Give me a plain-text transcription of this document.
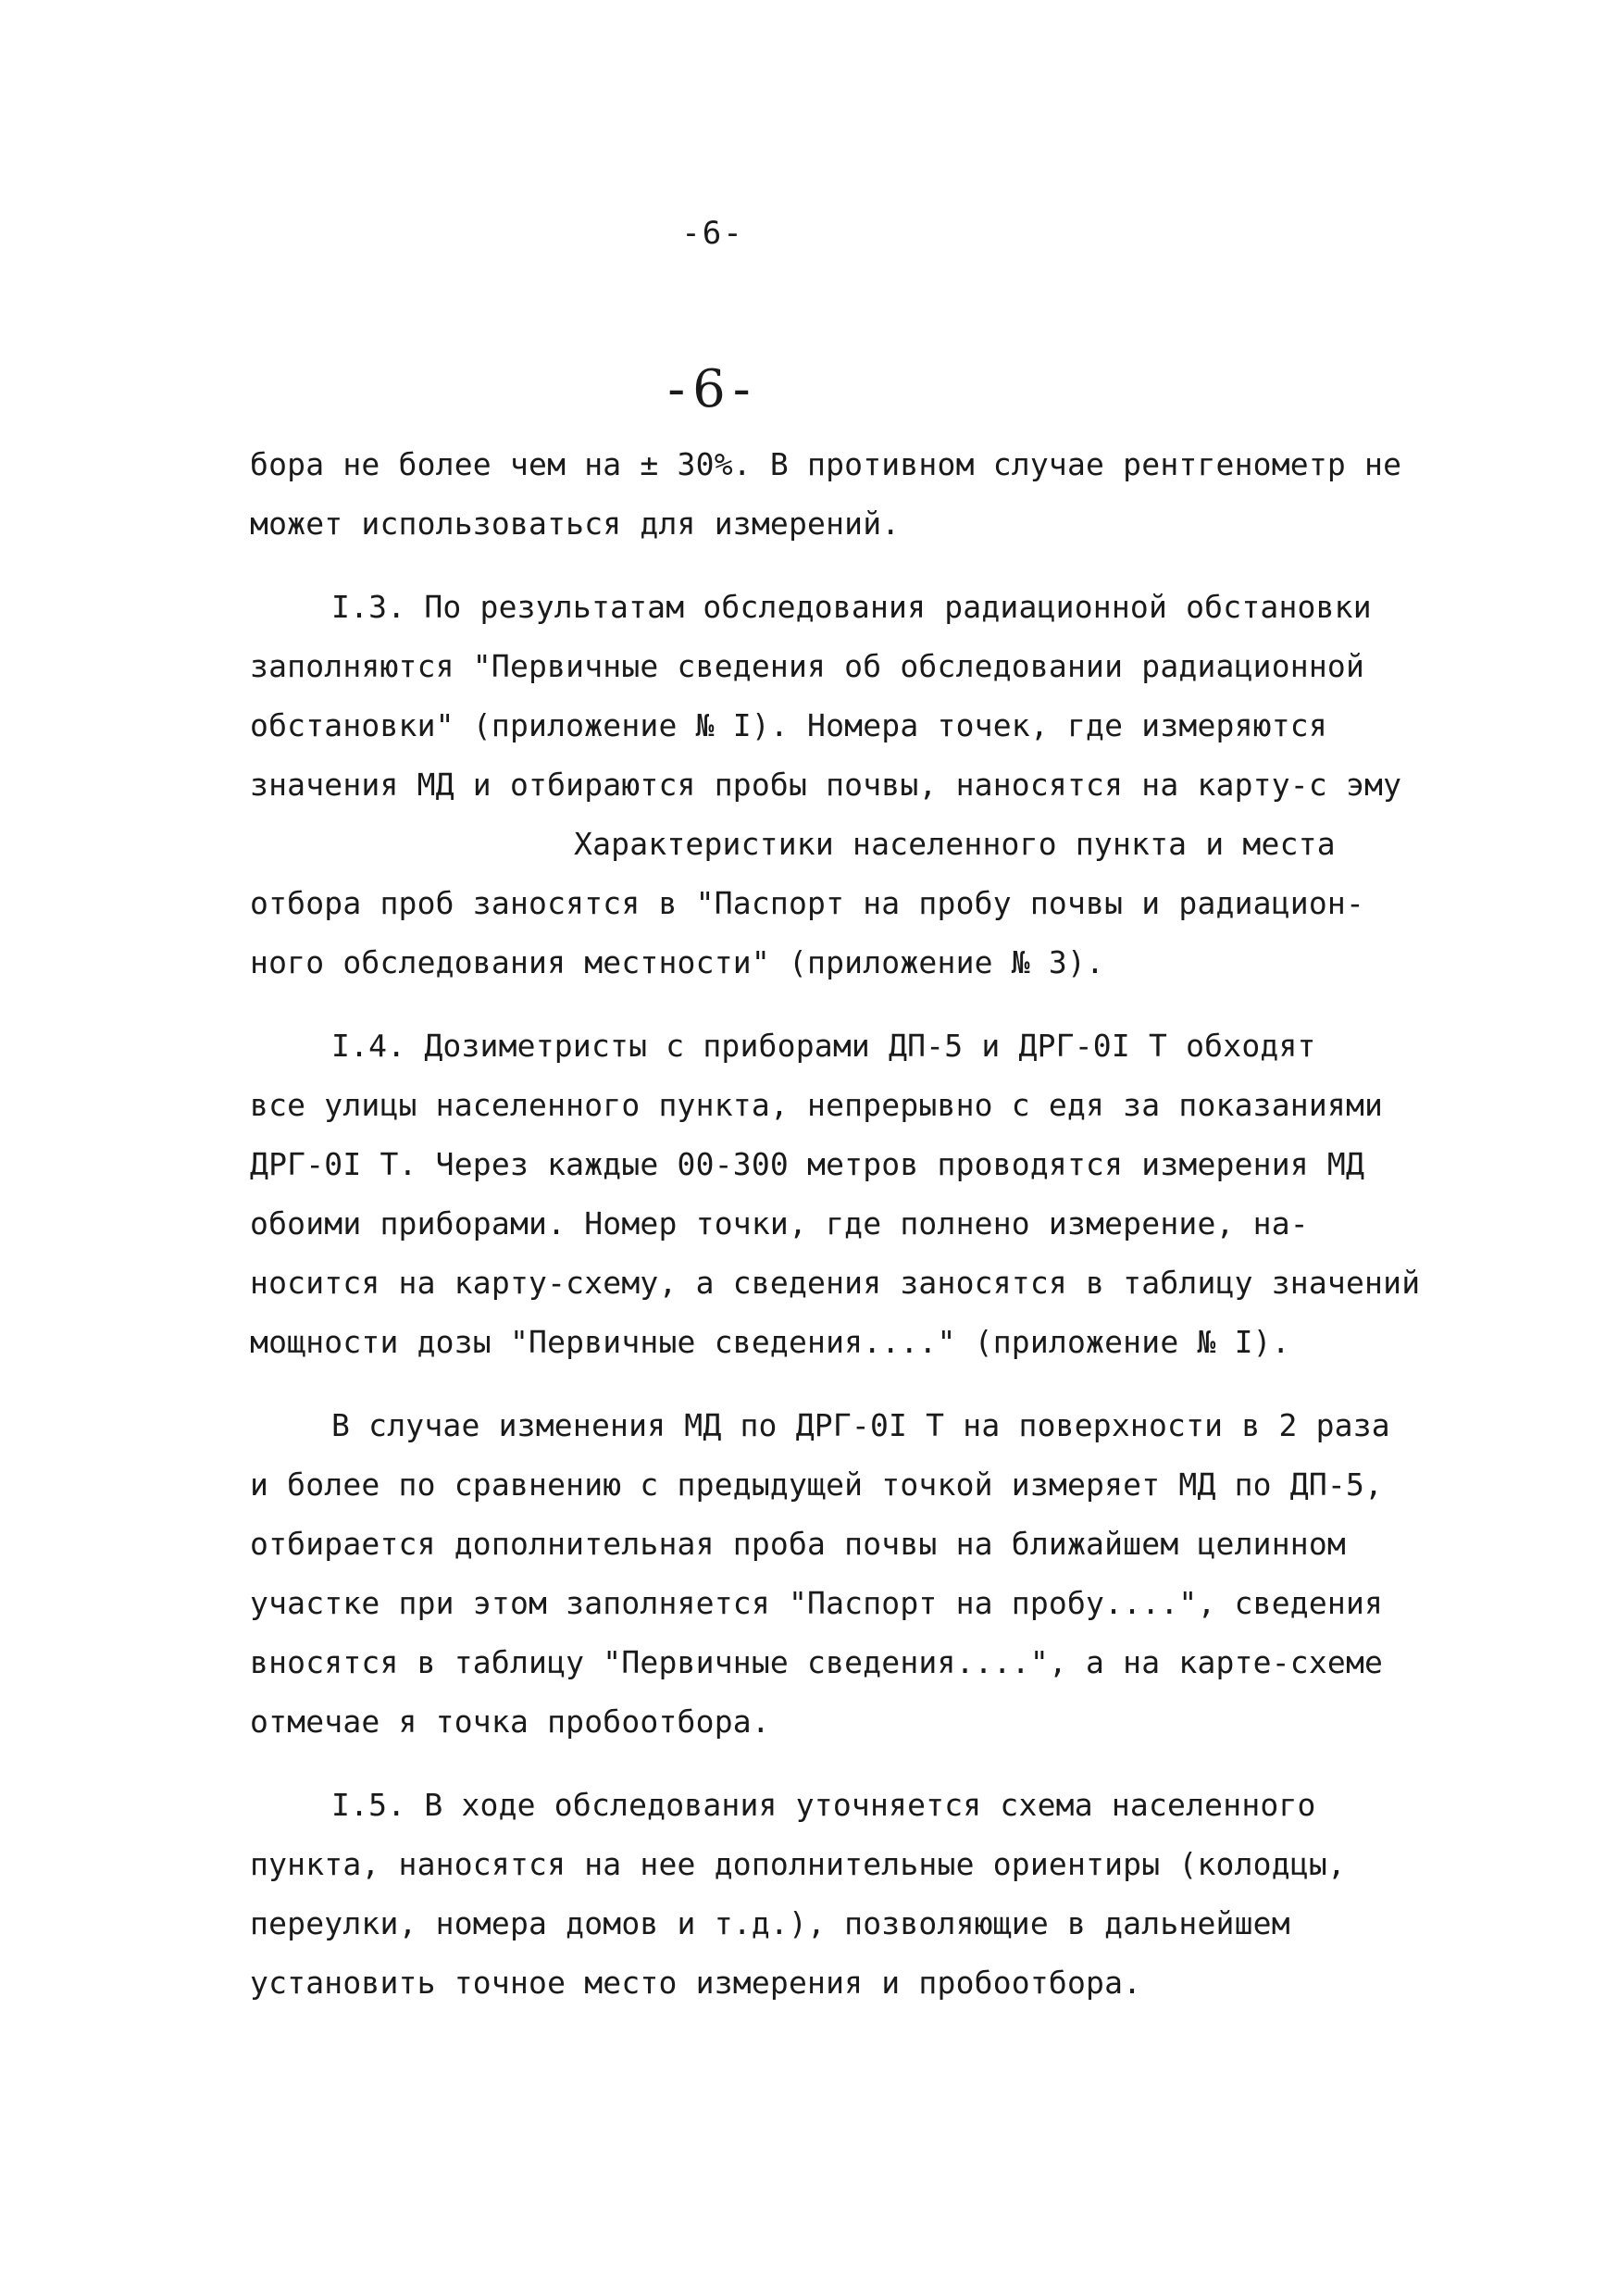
-6-
-6-
бора не более чем на ± 30%. В противном случае рентгенометр не
может использоваться для измерений.
I.3. По результатам обследования радиационной обстановки
заполняются "Первичные сведения об обследовании радиационной
обстановки" (приложение № I). Номера точек, где измеряются
значения МД и отбираются пробы почвы, наносятся на карту-с эму
Характеристики населенного пункта и места
отбора проб заносятся в "Паспорт на пробу почвы и радиацион-
ного обследования местности" (приложение № 3).
I.4. Дозиметристы с приборами ДП-5 и ДРГ-0I Т обходят
все улицы населенного пункта, непрерывно с едя за показаниями
ДРГ-0I Т. Через каждые 00-300 метров проводятся измерения МД
обоими приборами. Номер точки, где полнено измерение, на-
носится на карту-схему, а сведения заносятся в таблицу значений
мощности дозы "Первичные сведения...." (приложение № I).
В случае изменения МД по ДРГ-0I Т на поверхности в 2 раза
и более по сравнению с предыдущей точкой измеряет МД по ДП-5,
отбирается дополнительная проба почвы на ближайшем целинном
участке при этом заполняется "Паспорт на пробу....", сведения
вносятся в таблицу "Первичные сведения....", а на карте-схеме
отмечае я точка пробоотбора.
I.5. В ходе обследования уточняется схема населенного
пункта, наносятся на нее дополнительные ориентиры (колодцы,
переулки, номера домов и т.д.), позволяющие в дальнейшем
установить точное место измерения и пробоотбора.
